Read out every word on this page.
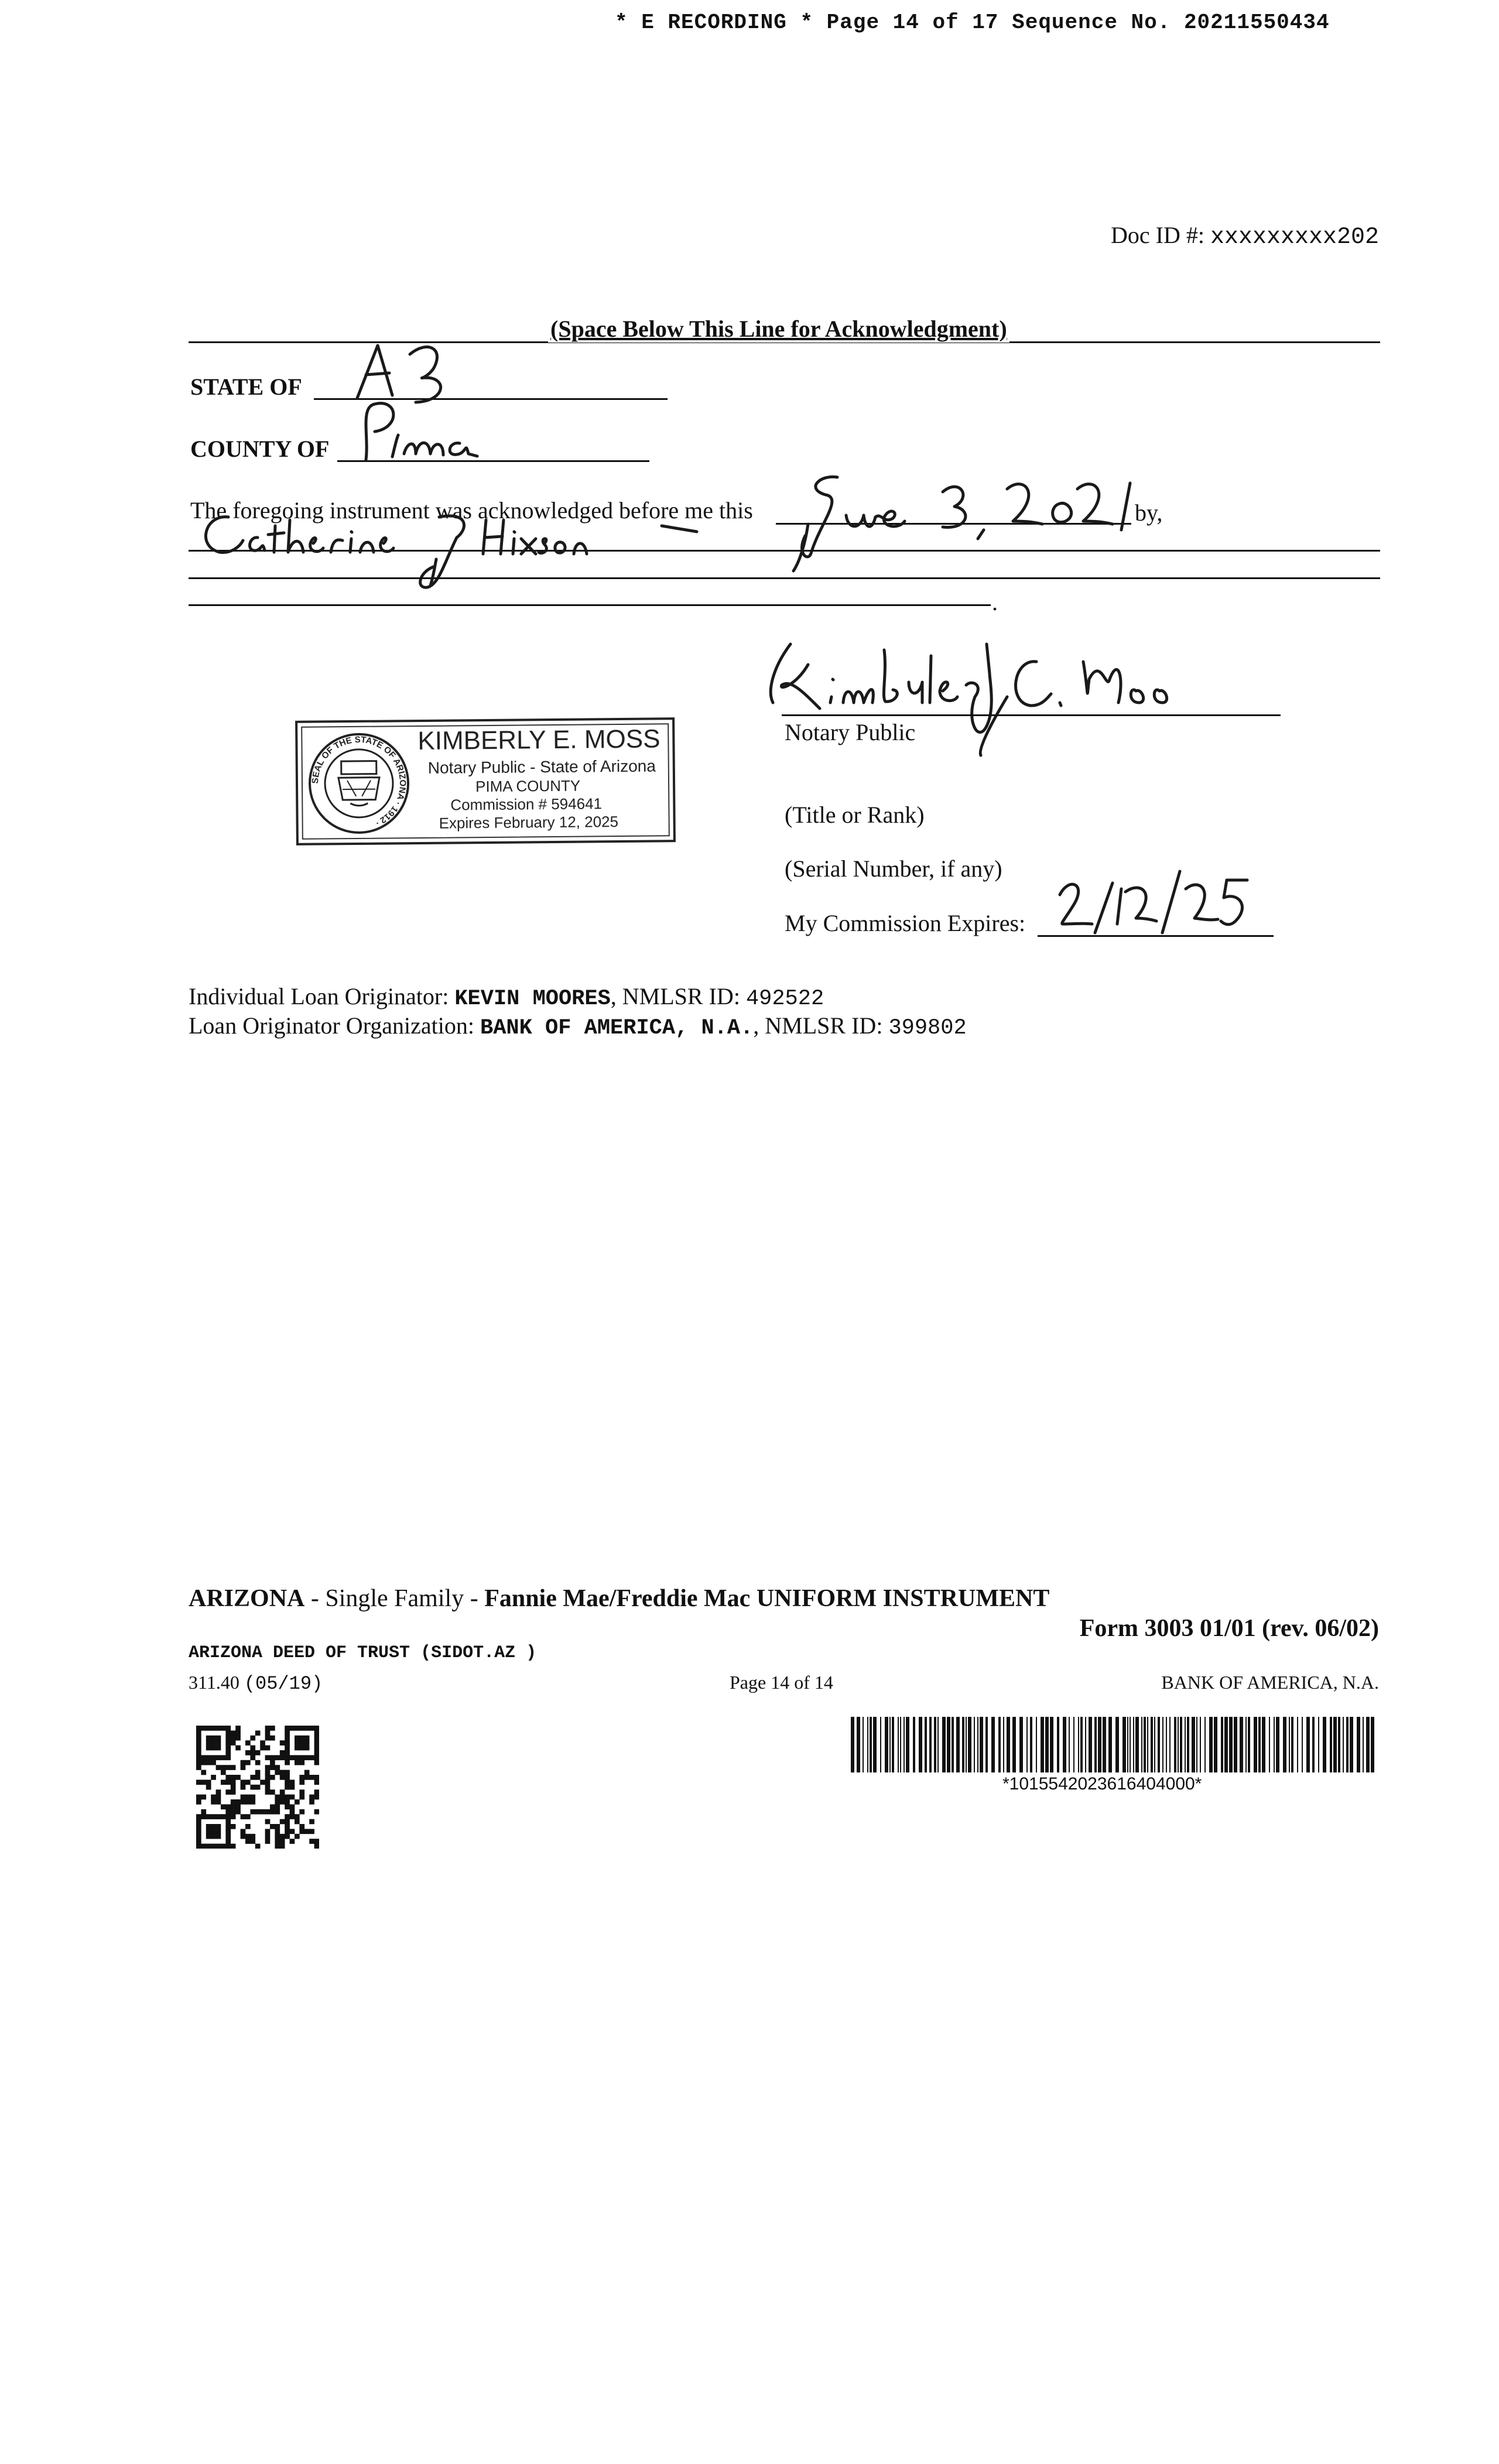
* E RECORDING * Page 14 of 17 Sequence No. 20211550434
Doc ID #: xxxxxxxxx202
(Space Below This Line for Acknowledgment)
STATE OF
COUNTY OF
The foregoing instrument was acknowledged before me this	by,
.
Notary Public
SEAL OF THE STATE OF ARIZONA · 1912 ·
KIMBERLY E. MOSS
Notary Public - State of Arizona
PIMA COUNTY
Commission # 594641
Expires February 12, 2025	(Title or Rank)
(Serial Number, if any)
My Commission Expires:
Individual Loan Originator: KEVIN MOORES, NMLSR ID: 492522
Loan Originator Organization: BANK OF AMERICA, N.A., NMLSR ID: 399802
ARIZONA - Single Family - Fannie Mae/Freddie Mac UNIFORM INSTRUMENT
Form 3003 01/01 (rev. 06/02)
ARIZONA DEED OF TRUST (SIDOT.AZ )
311.40 (05/19)	Page 14 of 14	BANK OF AMERICA, N.A.
*1015542023616404000*
